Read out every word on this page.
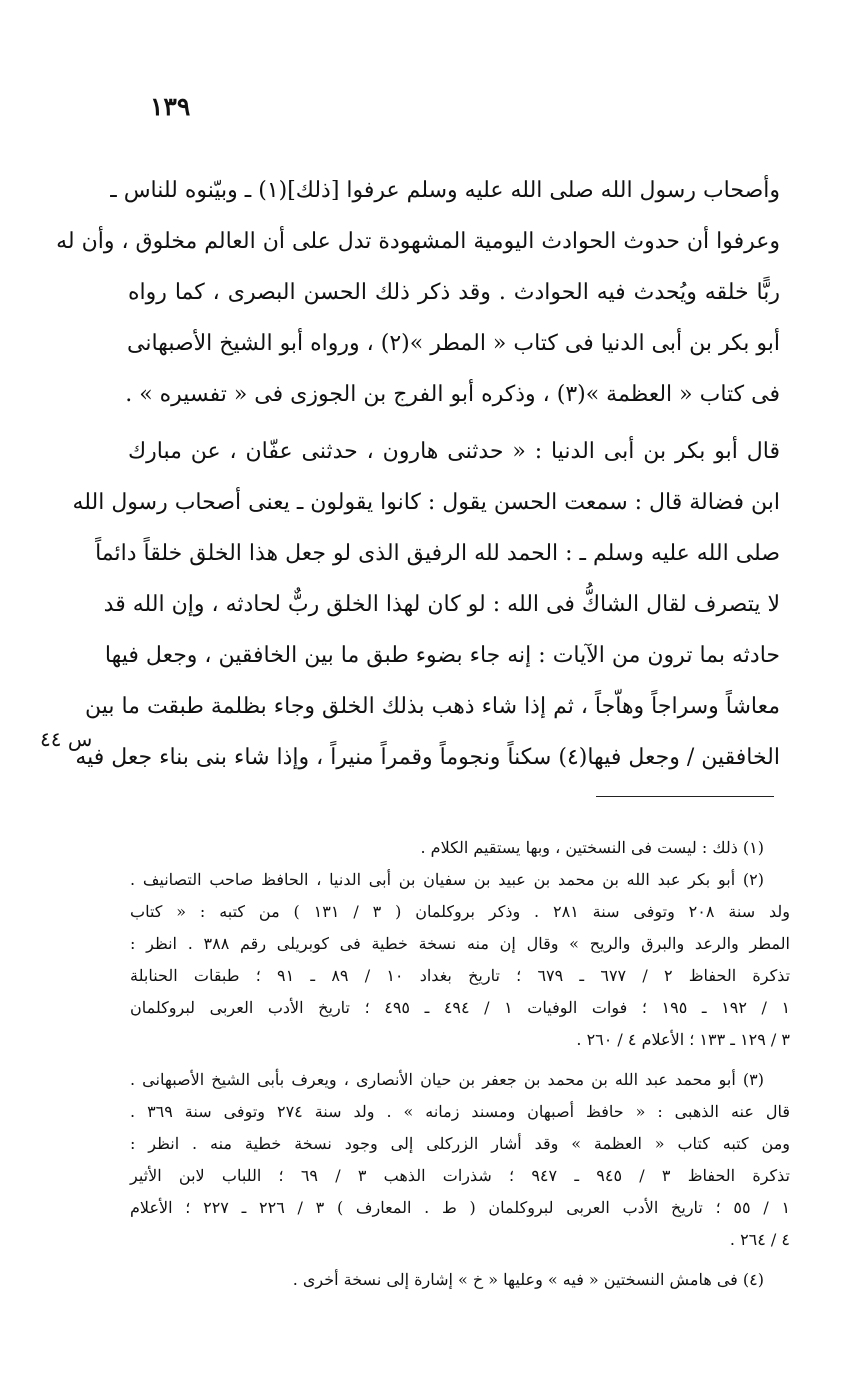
١٣٩
وأصحاب رسول الله صلى الله عليه وسلم عرفوا [ذلك](١) ـ وبيّنوه للناس ـ
وعرفوا أن حدوث الحوادث اليومية المشهودة تدل على أن العالم مخلوق ، وأن له
ربًّا خلقه ويُحدث فيه الحوادث . وقد ذكر ذلك الحسن البصرى ، كما رواه
أبو بكر بن أبى الدنيا فى كتاب « المطر »(٢) ، ورواه أبو الشيخ الأصبهانى
فى كتاب « العظمة »(٣) ، وذكره أبو الفرج بن الجوزى فى « تفسيره » .
قال أبو بكر بن أبى الدنيا : « حدثنى هارون ، حدثنى عفّان ، عن مبارك
ابن فضالة قال : سمعت الحسن يقول : كانوا يقولون ـ يعنى أصحاب رسول الله
صلى الله عليه وسلم ـ : الحمد لله الرفيق الذى لو جعل هذا الخلق خلقاً دائماً
لا يتصرف لقال الشاكُّ فى الله : لو كان لهذا الخلق ربٌّ لحادثه ، وإن الله قد
حادثه بما ترون من الآيات : إنه جاء بضوء طبق ما بين الخافقين ، وجعل فيها
معاشاً وسراجاً وهاّجاً ، ثم إذا شاء ذهب بذلك الخلق وجاء بظلمة طبقت ما بين
الخافقين / وجعل فيها(٤) سكناً ونجوماً وقمراً منيراً ، وإذا شاء بنى بناء جعل فيه
س ٤٤
(١) ذلك : ليست فى النسختين ، وبها يستقيم الكلام .
(٢) أبو بكر عبد الله بن محمد بن عبيد بن سفيان بن أبى الدنيا ، الحافظ صاحب التصانيف .
ولد سنة ٢٠٨ وتوفى سنة ٢٨١ . وذكر بروكلمان ( ٣ / ١٣١ ) من كتبه : « كتاب
المطر والرعد والبرق والريح » وقال إن منه نسخة خطية فى كوبريلى رقم ٣٨٨ . انظر :
تذكرة الحفاظ ٢ / ٦٧٧ ـ ٦٧٩ ؛ تاريخ بغداد ١٠ / ٨٩ ـ ٩١ ؛ طبقات الحنابلة
١ / ١٩٢ ـ ١٩٥ ؛ فوات الوفيات ١ / ٤٩٤ ـ ٤٩٥ ؛ تاريخ الأدب العربى لبروكلمان
٣ / ١٢٩ ـ ١٣٣ ؛ الأعلام ٤ / ٢٦٠ .
(٣) أبو محمد عبد الله بن محمد بن جعفر بن حيان الأنصارى ، ويعرف بأبى الشيخ الأصبهانى .
قال عنه الذهبى : « حافظ أصبهان ومسند زمانه » . ولد سنة ٢٧٤ وتوفى سنة ٣٦٩ .
ومن كتبه كتاب « العظمة » وقد أشار الزركلى إلى وجود نسخة خطية منه . انظر :
تذكرة الحفاظ ٣ / ٩٤٥ ـ ٩٤٧ ؛ شذرات الذهب ٣ / ٦٩ ؛ اللباب لابن الأثير
١ / ٥٥ ؛ تاريخ الأدب العربى لبروكلمان ( ط . المعارف ) ٣ / ٢٢٦ ـ ٢٢٧ ؛ الأعلام
٤ / ٢٦٤ .
(٤) فى هامش النسختين « فيه » وعليها « خ » إشارة إلى نسخة أخرى .
